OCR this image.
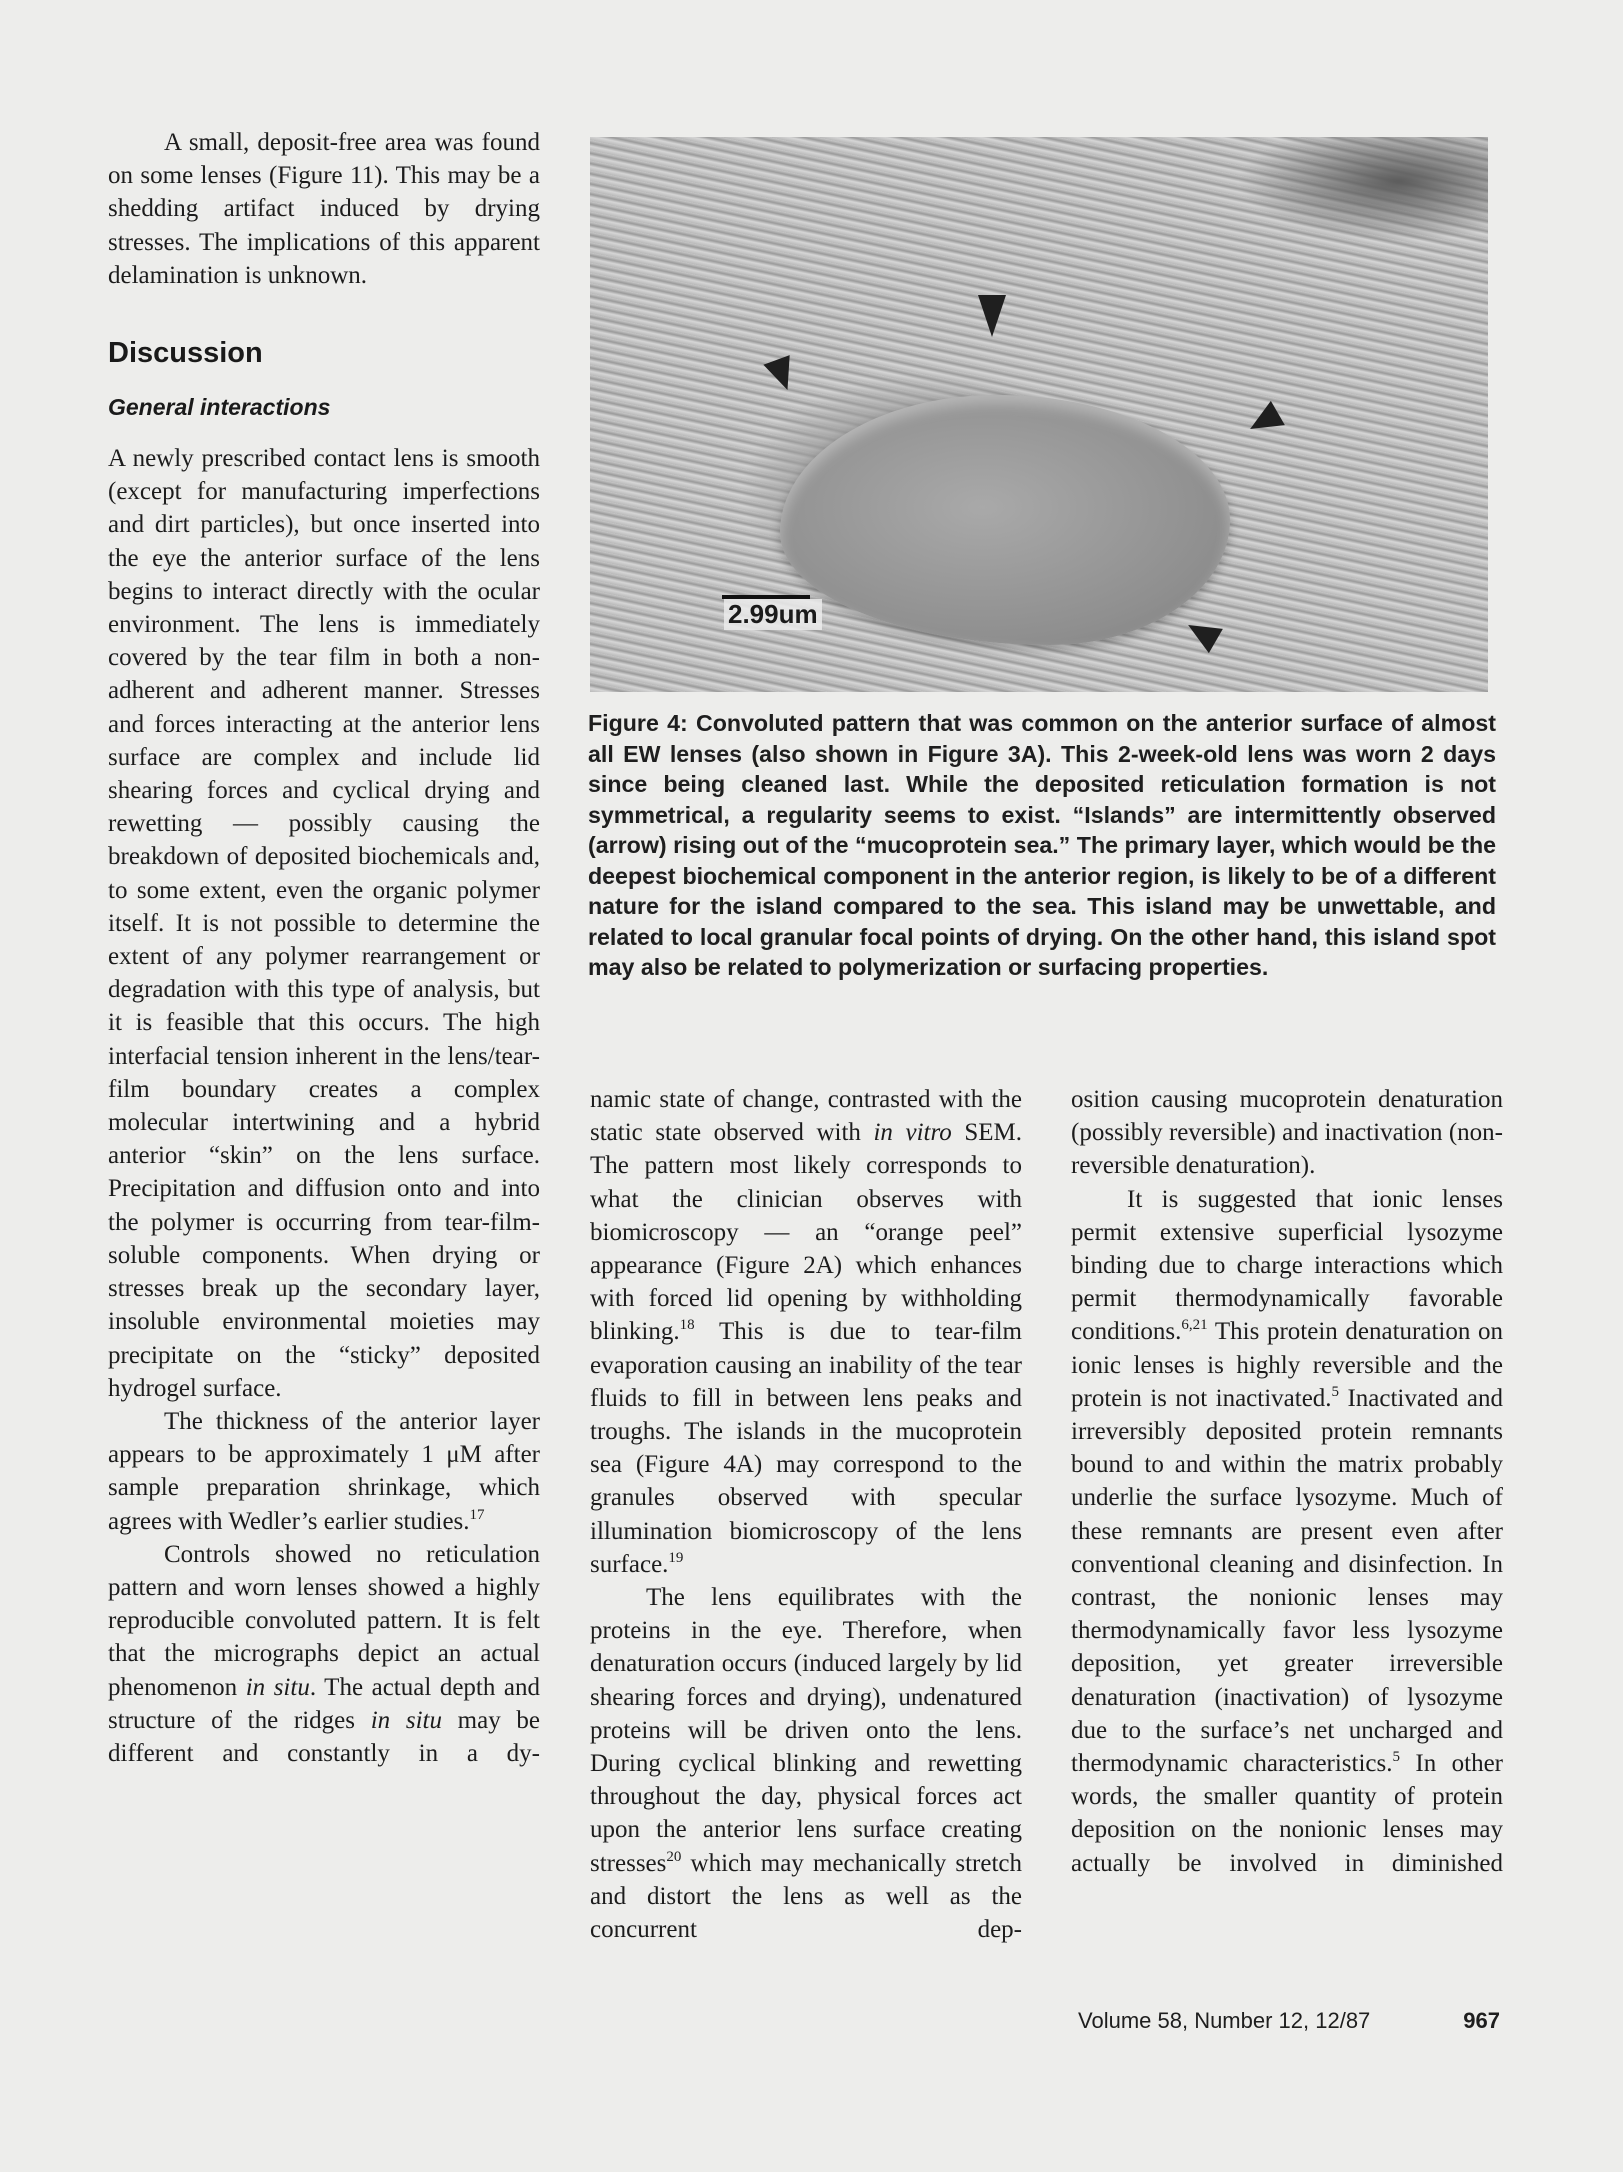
A small, deposit-free area was found on some lenses (Figure 11). This may be a shedding artifact induced by drying stresses. The implications of this apparent delamination is unknown.

Discussion
General interactions

A newly prescribed contact lens is smooth (except for manufacturing imperfections and dirt particles), but once inserted into the eye the anterior surface of the lens begins to interact directly with the ocular environment. The lens is immediately covered by the tear film in both a non-adherent and adherent manner. Stresses and forces interacting at the anterior lens surface are complex and include lid shearing forces and cyclical drying and rewetting — possibly causing the breakdown of deposited biochemicals and, to some extent, even the organic polymer itself. It is not possible to determine the extent of any polymer rearrangement or degradation with this type of analysis, but it is feasible that this occurs. The high interfacial tension inherent in the lens/tear-film boundary creates a complex molecular intertwining and a hybrid anterior “skin” on the lens surface. Precipitation and diffusion onto and into the polymer is occurring from tear-film-soluble components. When drying or stresses break up the secondary layer, insoluble environmental moieties may precipitate on the “sticky” deposited hydrogel surface.

The thickness of the anterior layer appears to be approximately 1 μM after sample preparation shrinkage, which agrees with Wedler’s earlier studies.$^{17}$

Controls showed no reticulation pattern and worn lenses showed a highly reproducible convoluted pattern. It is felt that the micrographs depict an actual phenomenon in situ. The actual depth and structure of the ridges in situ may be different and constantly in a dy-

2.99um
Figure 4: Convoluted pattern that was common on the anterior surface of almost all EW lenses (also shown in Figure 3A). This 2-week-old lens was worn 2 days since being cleaned last. While the deposited reticulation formation is not symmetrical, a regularity seems to exist. “Islands” are intermittently observed (arrow) rising out of the “mucoprotein sea.” The primary layer, which would be the deepest biochemical component in the anterior region, is likely to be of a different nature for the island compared to the sea. This island may be unwettable, and related to local granular focal points of drying. On the other hand, this island spot may also be related to polymerization or surfacing properties.

namic state of change, contrasted with the static state observed with in vitro SEM. The pattern most likely corresponds to what the clinician observes with biomicroscopy — an “orange peel” appearance (Figure 2A) which enhances with forced lid opening by withholding blinking.$^{18}$ This is due to tear-film evaporation causing an inability of the tear fluids to fill in between lens peaks and troughs. The islands in the mucoprotein sea (Figure 4A) may correspond to the granules observed with specular illumination biomicroscopy of the lens surface.$^{19}$

The lens equilibrates with the proteins in the eye. Therefore, when denaturation occurs (induced largely by lid shearing forces and drying), undenatured proteins will be driven onto the lens. During cyclical blinking and rewetting throughout the day, physical forces act upon the anterior lens surface creating stresses$^{20}$ which may mechanically stretch and distort the lens as well as the concurrent dep-

osition causing mucoprotein denaturation (possibly reversible) and inactivation (non-reversible denaturation).

It is suggested that ionic lenses permit extensive superficial lysozyme binding due to charge interactions which permit thermodynamically favorable conditions.$^{6,21}$ This protein denaturation on ionic lenses is highly reversible and the protein is not inactivated.$^5$ Inactivated and irreversibly deposited protein remnants bound to and within the matrix probably underlie the surface lysozyme. Much of these remnants are present even after conventional cleaning and disinfection. In contrast, the nonionic lenses may thermodynamically favor less lysozyme deposition, yet greater irreversible denaturation (inactivation) of lysozyme due to the surface’s net uncharged and thermodynamic characteristics.$^5$ In other words, the smaller quantity of protein deposition on the nonionic lenses may actually be involved in diminished

Volume 58, Number 12, 12/87	967
